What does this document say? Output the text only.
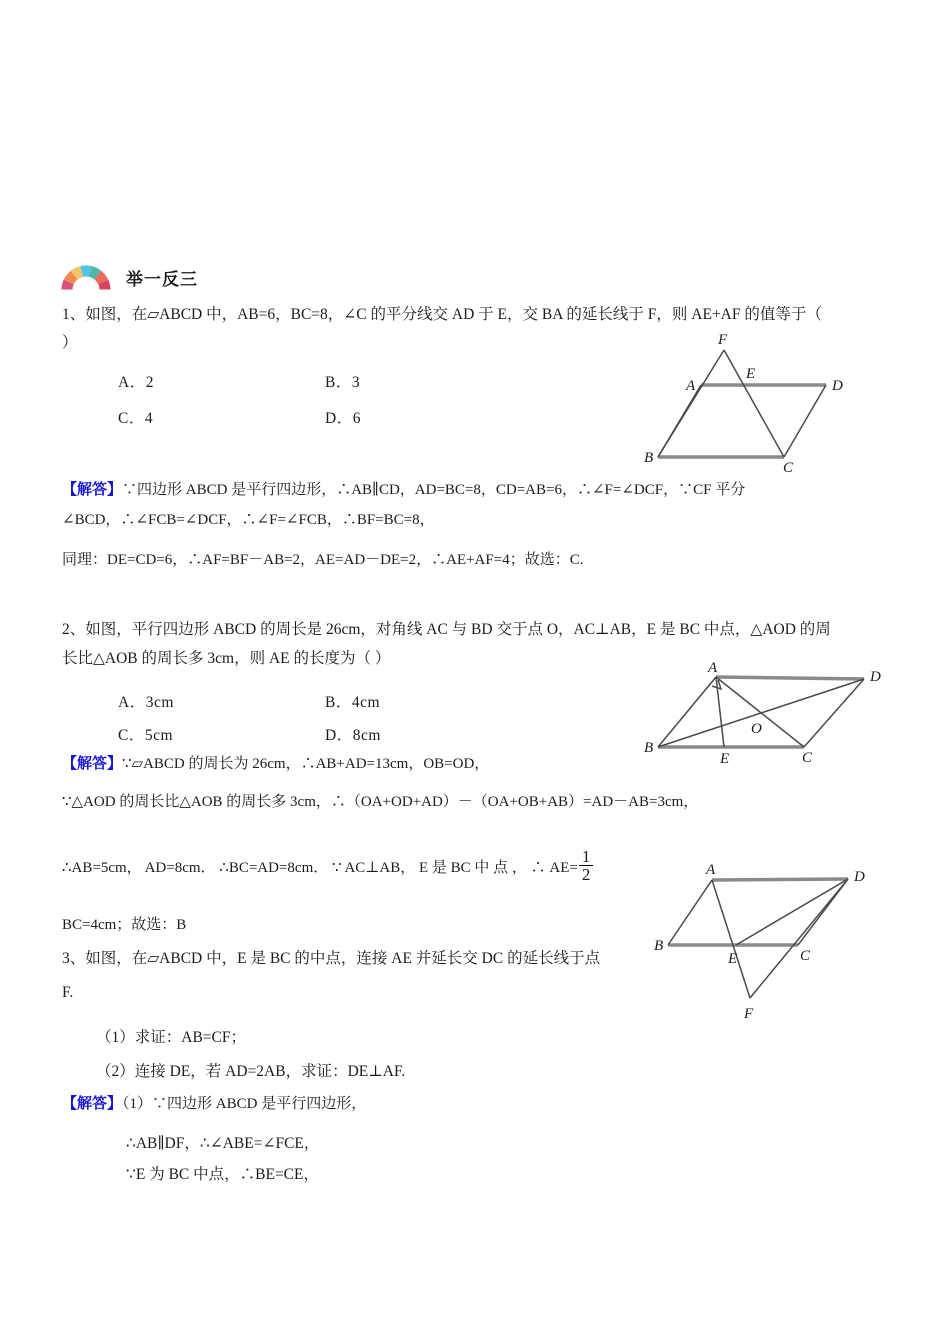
举一反三
1、如图，在▱ABCD 中，AB=6，BC=8，∠C 的平分线交 AD 于 E，交 BA 的延长线于 F，则 AE+AF 的值等于（
）
A．2	B．3
C．4	D．6
F
A
E
D
B
C
【解答】∵四边形 ABCD 是平行四边形，∴AB∥CD，AD=BC=8，CD=AB=6，∴∠F=∠DCF，∵CF 平分
∠BCD，∴∠FCB=∠DCF，∴∠F=∠FCB，∴BF=BC=8，
同理：DE=CD=6，∴AF=BF－AB=2，AE=AD－DE=2，∴AE+AF=4；故选：C.
2、如图，平行四边形 ABCD 的周长是 26cm，对角线 AC 与 BD 交于点 O，AC⊥AB，E 是 BC 中点，△AOD 的周
长比△AOB 的周长多 3cm，则 AE 的长度为（ ）
A．3cm	B．4cm
C．5cm	D．8cm
A
D
O
B
E	C
【解答】∵▱ABCD 的周长为 26cm，∴AB+AD=13cm，OB=OD，
∵△AOD 的周长比△AOB 的周长多 3cm，∴（OA+OD+AD）－（OA+OB+AB）=AD－AB=3cm，
∴AB=5cm， AD=8cm． ∴BC=AD=8cm． ∵ AC⊥AB， E 是 BC 中 点 ， ∴ $AE= \frac{1}{2}$
BC=4cm；故选：B
3、如图，在▱ABCD 中，E 是 BC 的中点，连接 AE 并延长交 DC 的延长线于点
F.
A	D
B
E	C
F
（1）求证：AB=CF；
（2）连接 DE，若 AD=2AB，求证：DE⊥AF.
【解答】（1）∵四边形 ABCD 是平行四边形，
∴AB∥DF，∴∠ABE=∠FCE，
∵E 为 BC 中点，∴BE=CE，
